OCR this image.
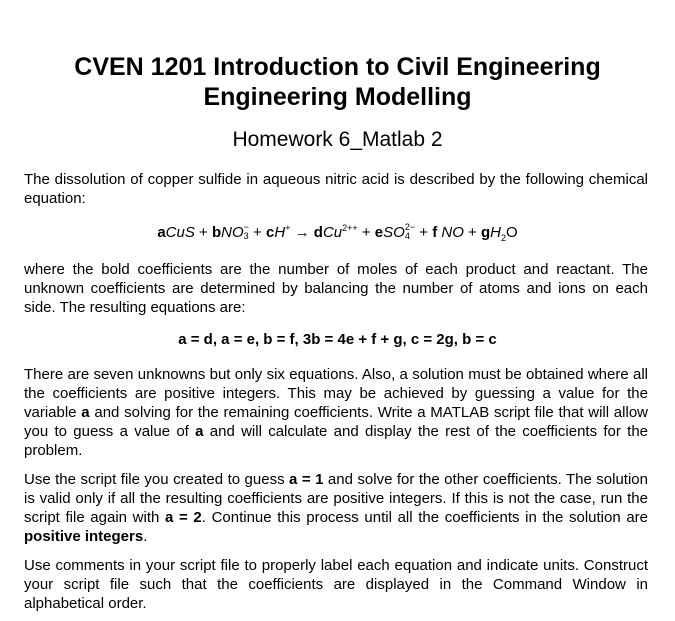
CVEN 1201 Introduction to Civil Engineering
Engineering Modelling
Homework 6_Matlab 2
The dissolution of copper sulfide in aqueous nitric acid is described by the following chemical equation:
aCuS + bNO −
3 + cH+ → dCu$^{2++}$ + eSO 2−
4 + f NO + $gH_2O$
where the bold coefficients are the number of moles of each product and reactant. The unknown coefficients are determined by balancing the number of atoms and ions on each side. The resulting equations are:
a = d, a = e, b = f, 3b = 4e + f + g, c = 2g, b = c
There are seven unknowns but only six equations. Also, a solution must be obtained where all the coefficients are positive integers. This may be achieved by guessing a value for the variable a and solving for the remaining coefficients. Write a MATLAB script file that will allow you to guess a value of a and will calculate and display the rest of the coefficients for the problem.
Use the script file you created to guess a = 1 and solve for the other coefficients. The solution is valid only if all the resulting coefficients are positive integers. If this is not the case, run the script file again with a = 2. Continue this process until all the coefficients in the solution are positive integers.
Use comments in your script file to properly label each equation and indicate units. Construct your script file such that the coefficients are displayed in the Command Window in alphabetical order.
